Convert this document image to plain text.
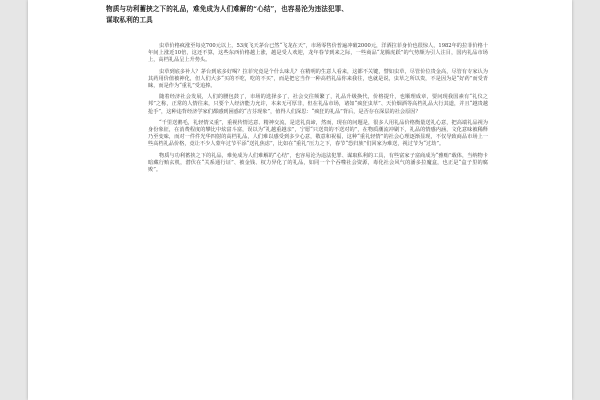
物质与功利蓄挟之下的礼品，难免成为人们难解的“心结”，也容易沦为违法犯罪、
谋取私利的工具

虫草价格疯涨至每克700元以上，53度飞天茅台已然“飞龙在天”，市场零售价普遍冲破2000元，洋酒拉菲身价也很惊人，1982年的拉菲价格十年间上涨近10倍，这还不算，这些东西价格越上涨，越是受人欢迎，龙年春节到来之际，一些商品“龙腾虎跃”的气势颇为引人注目，国内礼品市场上，高档礼品呈上升势头。

虫草到底多补人？茅台到底多好喝？拉菲究竟是个什么味儿？在精明的生意人看来，这都不关键，譬如虫草，尽管价位贵金高，尽管有专家认为其药用价值被神化，但人们大多“买的不吃，吃的不买”，而是把它当作一种高档礼品你来我往，也就是说，虫草之所以贵，不是因为是“好药”而受青睐，而是作为“重礼”受追捧。

随着经济社会发展，人们的腰包鼓了，市场的选择多了，社会交往频繁了，礼品升级换代，价格提升，也顺理成章，要问现我国素有“礼仪之邦”之称，正常的人情往来，只要个人经济能力允许，本来无可厚非，但在礼品市场，诸如“疯狂虫草”、天价烟酒等高档礼品大行其道，并且“越贵越抢手”，这种违背经济学家们都感到困惑的“吉芬现象”，值得人们深思：“疯狂的礼品”背后，是否存在深层的社会原因？

“千里送鹅毛，礼轻情义重”，重视传情达意、精神交流，是送礼真谛，然而，现在的问题是，很多人用礼品价格衡量送礼心意，把高端礼品视为身份象征，在消费程度的攀比中炫富斗富，误以为“礼越重越亲”，宁愿“只送贵的不送对的”，在物质潮流冲刷下，礼品的情感内涵，文化意味被稀释乃至变味，而对一件件光华四射的高档礼品，人们难以感受到多少心意，敬意和祝福，这种“重礼轻情”的社会心理逐渐显现，不仅导致商品市场上一些高档礼品价格，竟让不少人蒙年过节平添“送礼焦虑”，比如在“重礼”压力之下，春节“恐归族”们回家为难送，视过节为“过劫”。

物质与功利蓄挟之下的礼品，难免成为人们难解的“心结”，也容易沦为违法犯罪、谋取私利的工具，有些富家子富商成为“雅贿”载体，当纳物卡暗藏行贿玄机，潜伏在“关系通行证”、被金钱、权力异化了的礼品，如同一个个吞噬社会资源，毒化社会风气的潘多拉魔盒，也正是“盒子里的腐败”。
